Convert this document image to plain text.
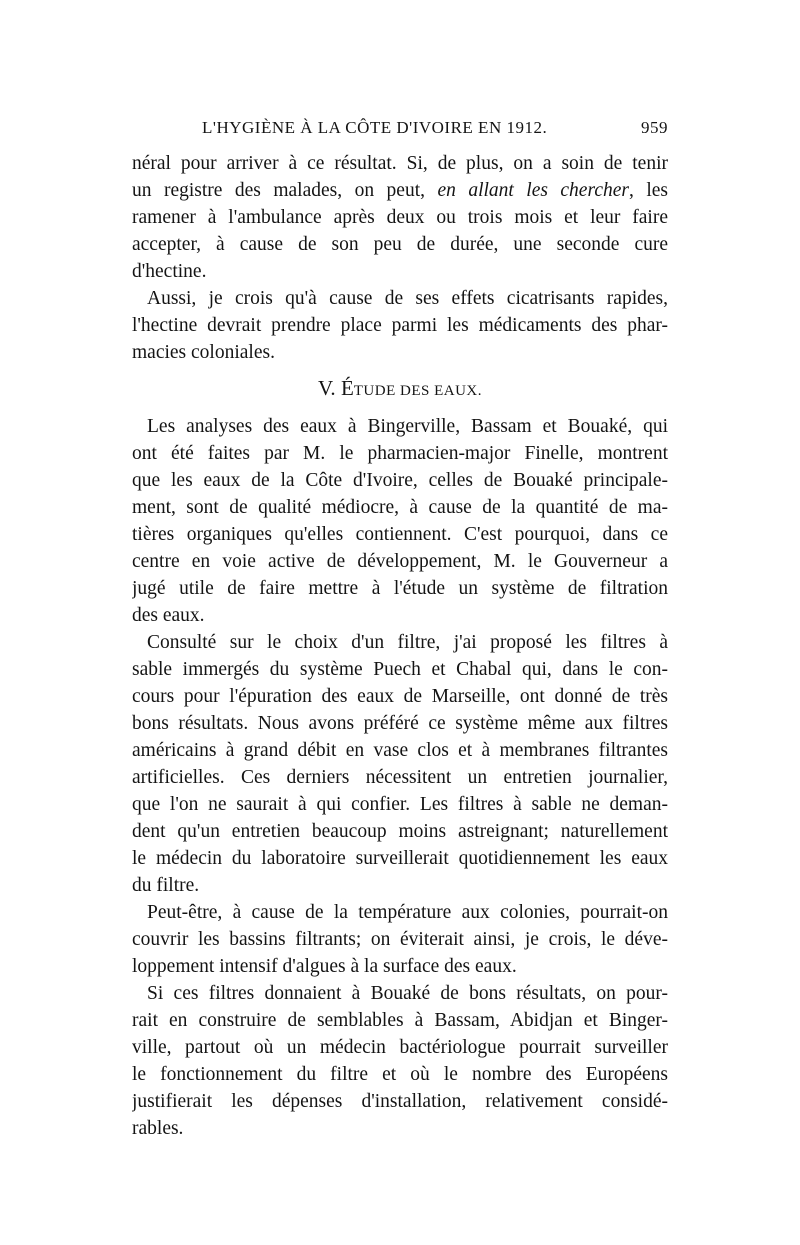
L'HYGIÈNE À LA CÔTE D'IVOIRE EN 1912.	959
néral pour arriver à ce résultat. Si, de plus, on a soin de tenir
un registre des malades, on peut, en allant les chercher, les
ramener à l'ambulance après deux ou trois mois et leur faire
accepter, à cause de son peu de durée, une seconde cure
d'hectine.
Aussi, je crois qu'à cause de ses effets cicatrisants rapides,
l'hectine devrait prendre place parmi les médicaments des phar-
macies coloniales.
V. ÉTUDE DES EAUX.
Les analyses des eaux à Bingerville, Bassam et Bouaké, qui
ont été faites par M. le pharmacien-major Finelle, montrent
que les eaux de la Côte d'Ivoire, celles de Bouaké principale-
ment, sont de qualité médiocre, à cause de la quantité de ma-
tières organiques qu'elles contiennent. C'est pourquoi, dans ce
centre en voie active de développement, M. le Gouverneur a
jugé utile de faire mettre à l'étude un système de filtration
des eaux.
Consulté sur le choix d'un filtre, j'ai proposé les filtres à
sable immergés du système Puech et Chabal qui, dans le con-
cours pour l'épuration des eaux de Marseille, ont donné de très
bons résultats. Nous avons préféré ce système même aux filtres
américains à grand débit en vase clos et à membranes filtrantes
artificielles. Ces derniers nécessitent un entretien journalier,
que l'on ne saurait à qui confier. Les filtres à sable ne deman-
dent qu'un entretien beaucoup moins astreignant; naturellement
le médecin du laboratoire surveillerait quotidiennement les eaux
du filtre.
Peut-être, à cause de la température aux colonies, pourrait-on
couvrir les bassins filtrants; on éviterait ainsi, je crois, le déve-
loppement intensif d'algues à la surface des eaux.
Si ces filtres donnaient à Bouaké de bons résultats, on pour-
rait en construire de semblables à Bassam, Abidjan et Binger-
ville, partout où un médecin bactériologue pourrait surveiller
le fonctionnement du filtre et où le nombre des Européens
justifierait les dépenses d'installation, relativement considé-
rables.
